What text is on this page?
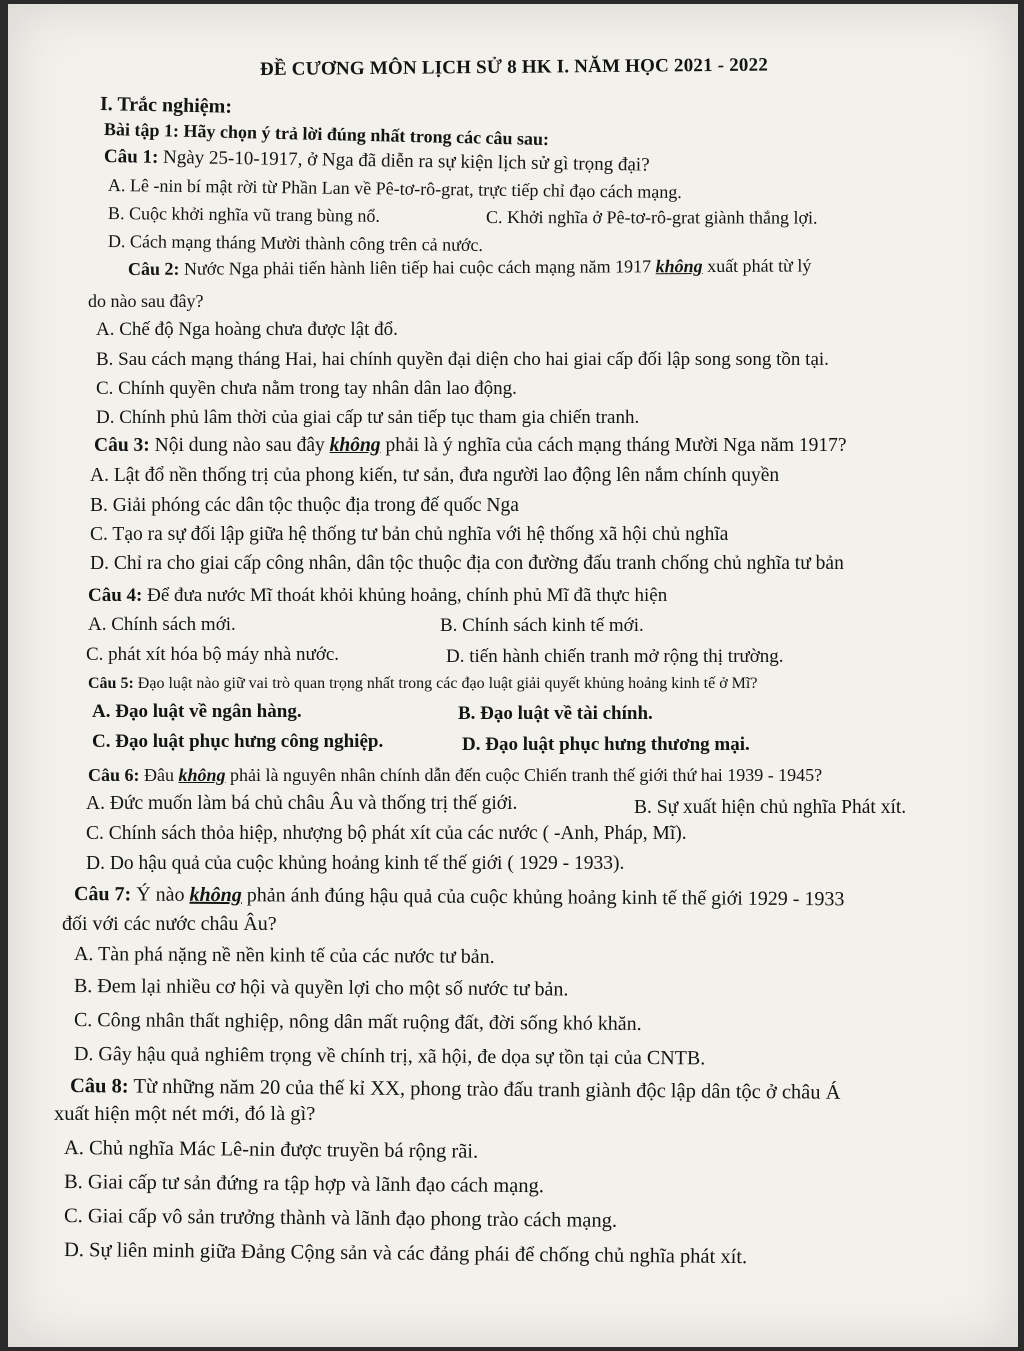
ĐỀ CƯƠNG MÔN LỊCH SỬ 8 HK I. NĂM HỌC 2021 - 2022
I. Trắc nghiệm:
Bài tập 1: Hãy chọn ý trả lời đúng nhất trong các câu sau:
Câu 1: Ngày 25-10-1917, ở Nga đã diễn ra sự kiện lịch sử gì trọng đại?
A. Lê -nin bí mật rời từ Phần Lan về Pê-tơ-rô-grat, trực tiếp chỉ đạo cách mạng.
B. Cuộc khởi nghĩa vũ trang bùng nổ.	C. Khởi nghĩa ở Pê-tơ-rô-grat giành thắng lợi.
D. Cách mạng tháng Mười thành công trên cả nước.
Câu 2: Nước Nga phải tiến hành liên tiếp hai cuộc cách mạng năm 1917 không xuất phát từ lý
do nào sau đây?
A. Chế độ Nga hoàng chưa được lật đổ.
B. Sau cách mạng tháng Hai, hai chính quyền đại diện cho hai giai cấp đối lập song song tồn tại.
C. Chính quyền chưa nằm trong tay nhân dân lao động.
D. Chính phủ lâm thời của giai cấp tư sản tiếp tục tham gia chiến tranh.
Câu 3: Nội dung nào sau đây không phải là ý nghĩa của cách mạng tháng Mười Nga năm 1917?
A. Lật đổ nền thống trị của phong kiến, tư sản, đưa người lao động lên nắm chính quyền
B. Giải phóng các dân tộc thuộc địa trong đế quốc Nga
C. Tạo ra sự đối lập giữa hệ thống tư bản chủ nghĩa với hệ thống xã hội chủ nghĩa
D. Chỉ ra cho giai cấp công nhân, dân tộc thuộc địa con đường đấu tranh chống chủ nghĩa tư bản
Câu 4: Để đưa nước Mĩ thoát khỏi khủng hoảng, chính phủ Mĩ đã thực hiện
A. Chính sách mới.	B. Chính sách kinh tế mới.
C. phát xít hóa bộ máy nhà nước.	D. tiến hành chiến tranh mở rộng thị trường.
Câu 5: Đạo luật nào giữ vai trò quan trọng nhất trong các đạo luật giải quyết khủng hoảng kinh tế ở Mĩ?
A. Đạo luật về ngân hàng.	B. Đạo luật về tài chính.
C. Đạo luật phục hưng công nghiệp.	D. Đạo luật phục hưng thương mại.
Câu 6: Đâu không phải là nguyên nhân chính dẫn đến cuộc Chiến tranh thế giới thứ hai 1939 - 1945?
A. Đức muốn làm bá chủ châu Âu và thống trị thế giới.	B. Sự xuất hiện chủ nghĩa Phát xít.
C. Chính sách thỏa hiệp, nhượng bộ phát xít của các nước ( -Anh, Pháp, Mĩ).
D. Do hậu quả của cuộc khủng hoảng kinh tế thế giới ( 1929 - 1933).
Câu 7: Ý nào không phản ánh đúng hậu quả của cuộc khủng hoảng kinh tế thế giới 1929 - 1933
đối với các nước châu Âu?
A. Tàn phá nặng nề nền kinh tế của các nước tư bản.
B. Đem lại nhiều cơ hội và quyền lợi cho một số nước tư bản.
C. Công nhân thất nghiệp, nông dân mất ruộng đất, đời sống khó khăn.
D. Gây hậu quả nghiêm trọng về chính trị, xã hội, đe dọa sự tồn tại của CNTB.
Câu 8: Từ những năm 20 của thế kỉ XX, phong trào đấu tranh giành độc lập dân tộc ở châu Á
xuất hiện một nét mới, đó là gì?
A. Chủ nghĩa Mác Lê-nin được truyền bá rộng rãi.
B. Giai cấp tư sản đứng ra tập hợp và lãnh đạo cách mạng.
C. Giai cấp vô sản trưởng thành và lãnh đạo phong trào cách mạng.
D. Sự liên minh giữa Đảng Cộng sản và các đảng phái để chống chủ nghĩa phát xít.
